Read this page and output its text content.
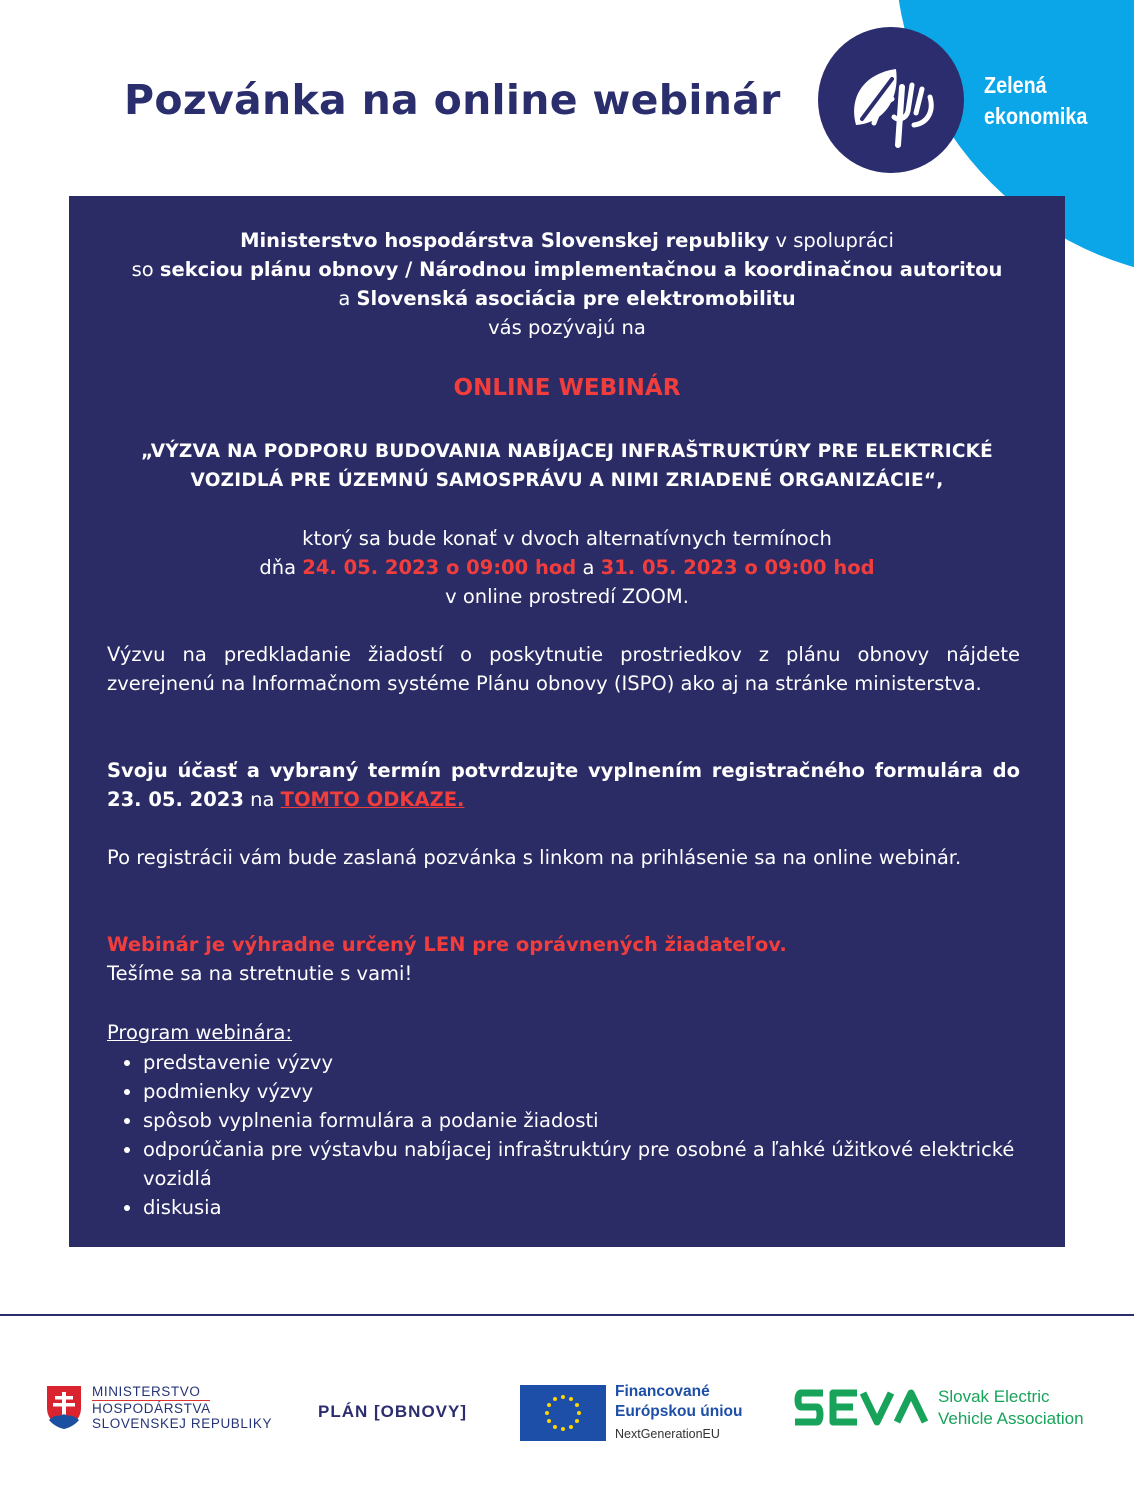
Pozvánka na online webinár	Zelená
ekonomika
Ministerstvo hospodárstva Slovenskej republiky v spolupráci
so sekciou plánu obnovy / Národnou implementačnou a koordinačnou autoritou
a Slovenská asociácia pre elektromobilitu
vás pozývajú na
ONLINE WEBINÁR
„VÝZVA NA PODPORU BUDOVANIA NABÍJACEJ INFRAŠTRUKTÚRY PRE ELEKTRICKÉ
VOZIDLÁ PRE ÚZEMNÚ SAMOSPRÁVU A NIMI ZRIADENÉ ORGANIZÁCIE“,
ktorý sa bude konať v dvoch alternatívnych termínoch
dňa 24. 05. 2023 o 09:00 hod a 31. 05. 2023 o 09:00 hod
v online prostredí ZOOM.

Výzvu na predkladanie žiadostí o poskytnutie prostriedkov z plánu obnovy nájdete zverejnenú na Informačnom systéme Plánu obnovy (ISPO) ako aj na stránke ministerstva.

Svoju účasť a vybraný termín potvrdzujte vyplnením registračného formulára do 23. 05. 2023 na TOMTO ODKAZE.

Po registrácii vám bude zaslaná pozvánka s linkom na prihlásenie sa na online webinár.

Webinár je výhradne určený LEN pre oprávnených žiadateľov.
Tešíme sa na stretnutie s vami!
Program webinára:
• predstavenie výzvy
• podmienky výzvy
• spôsob vyplnenia formulára a podanie žiadosti
• odporúčania pre výstavbu nabíjacej infraštruktúry pre osobné a ľahké úžitkové elektrické vozidlá
• diskusia
MINISTERSTVO
HOSPODÁRSTVA
SLOVENSKEJ REPUBLIKY
PLÁN [OBNOVY]
Financované
Európskou úniou
NextGenerationEU
Slovak Electric
Vehicle Association
